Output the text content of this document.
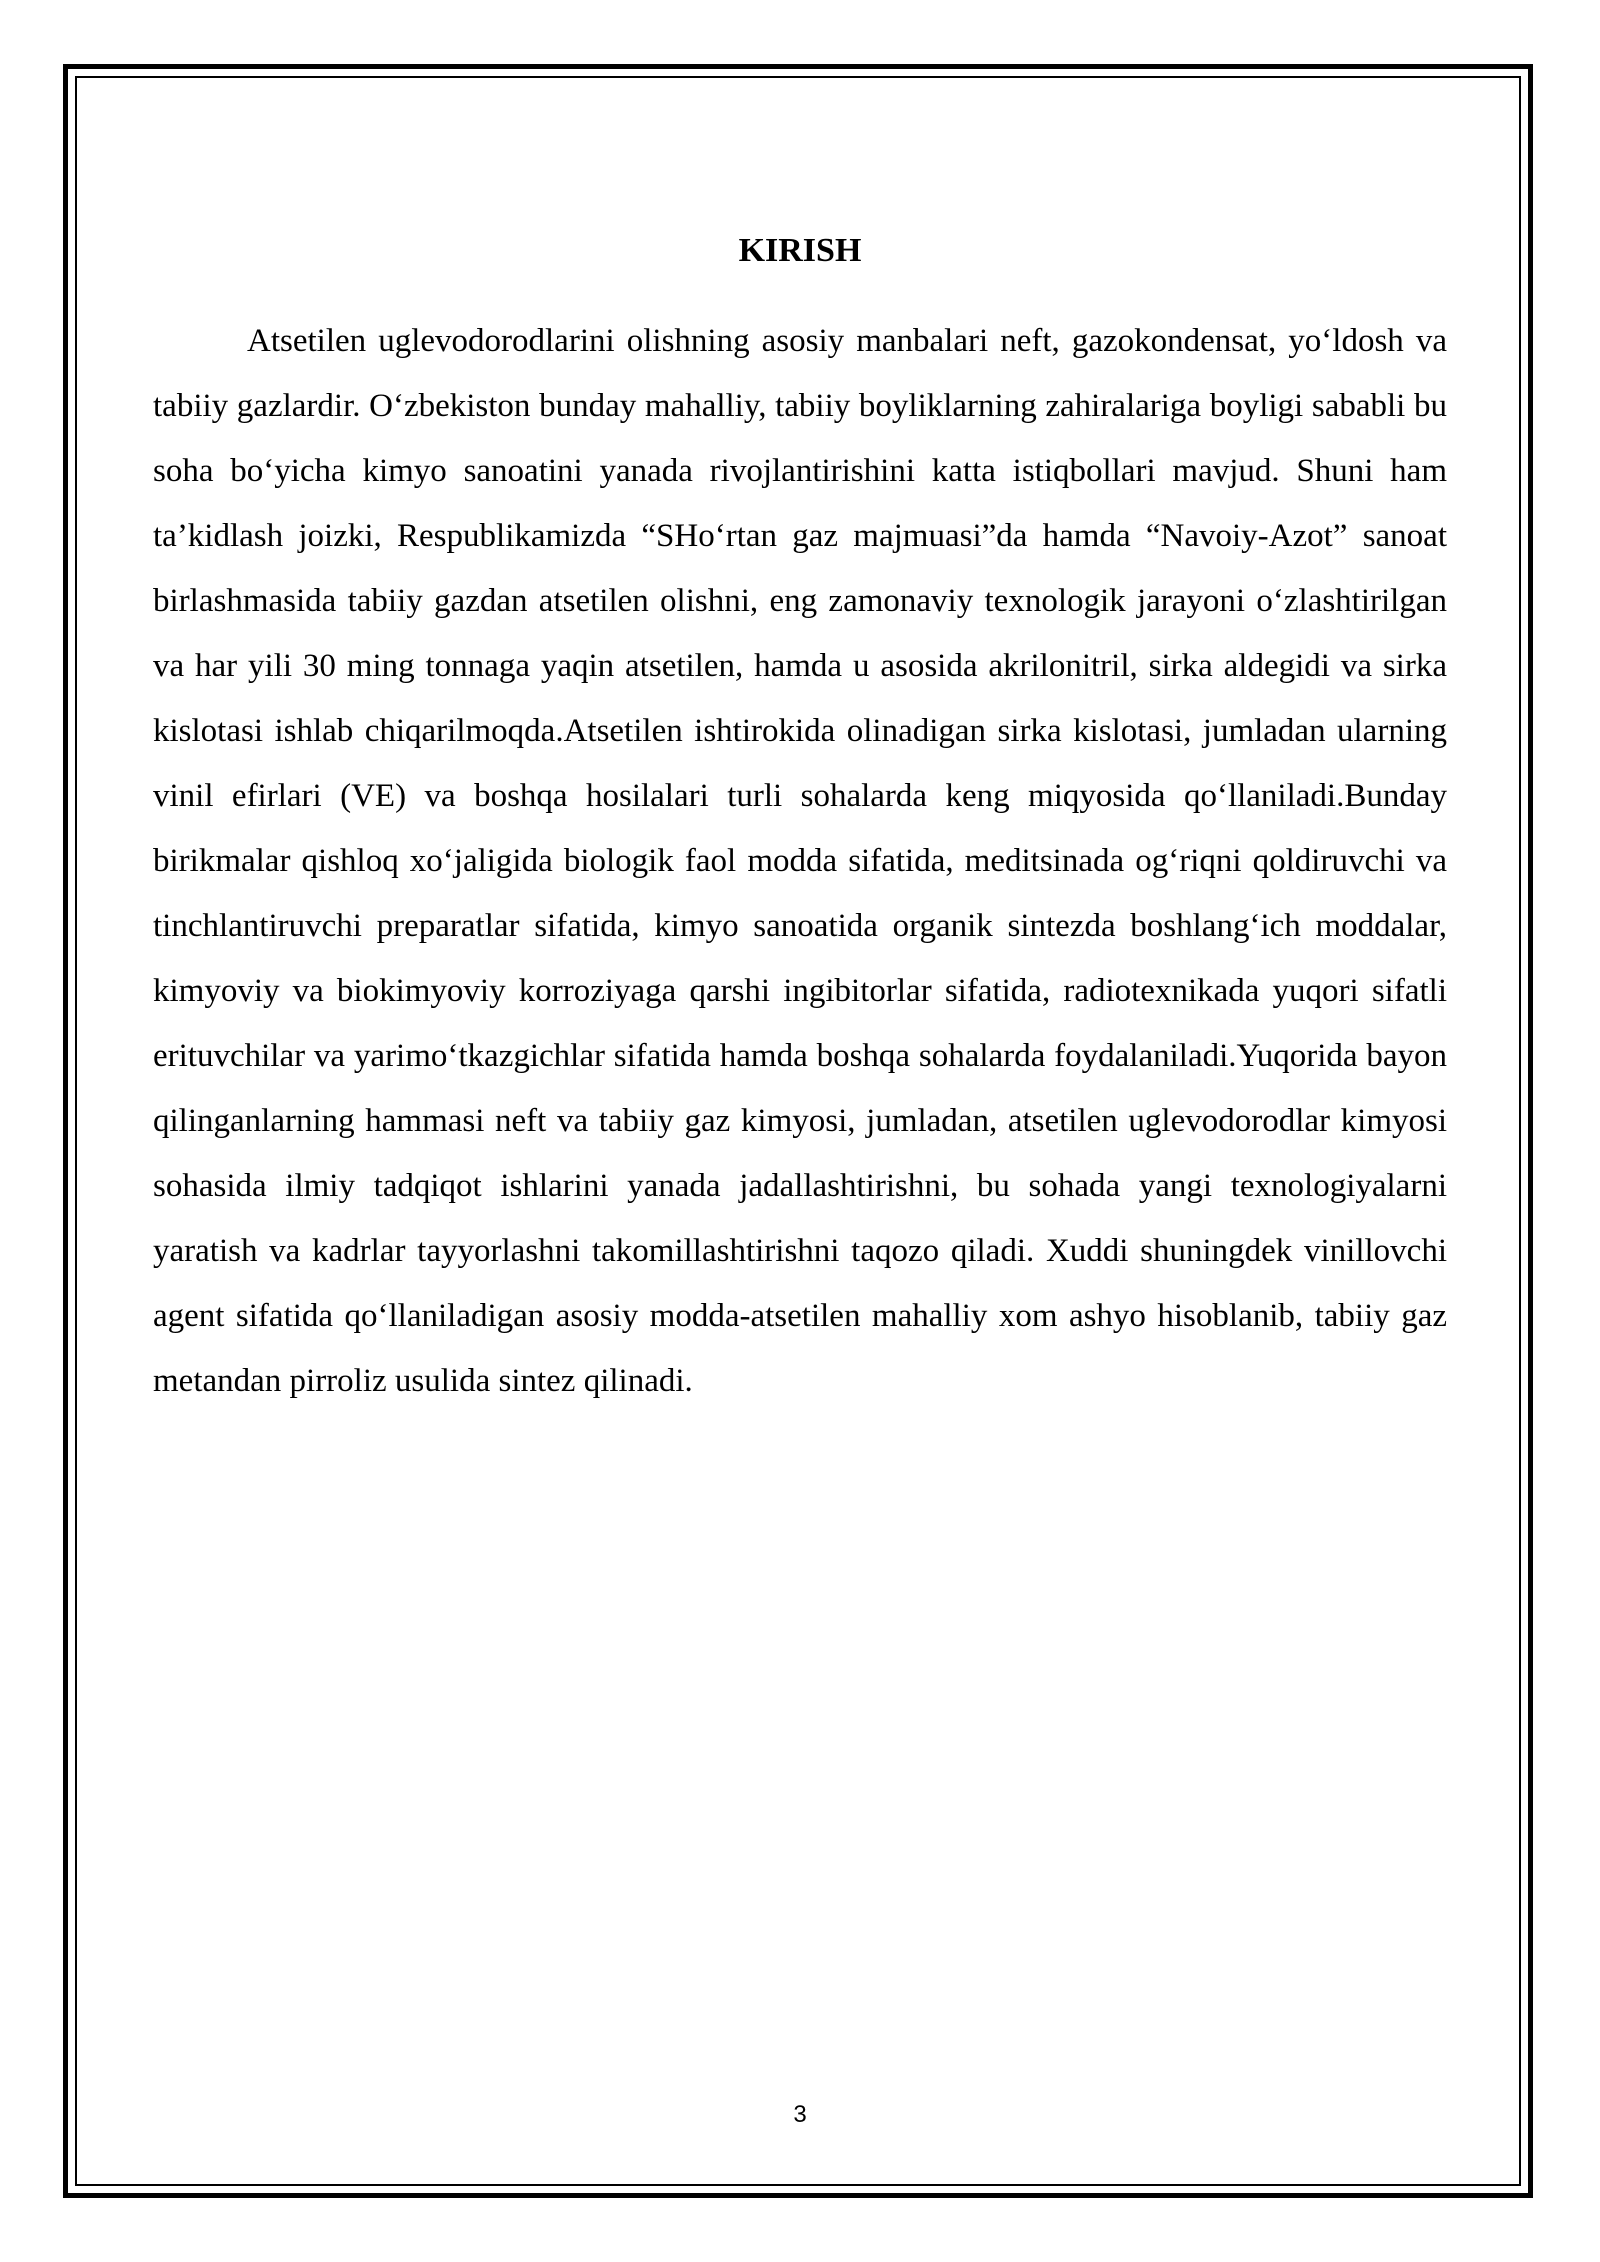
KIRISH

Atsetilen uglevodorodlarini olishning asosiy manbalari neft, gazokondensat, yo‘ldosh va tabiiy gazlardir. O‘zbekiston bunday mahalliy, tabiiy boyliklarning zahiralariga boyligi sababli bu soha bo‘yicha kimyo sanoatini yanada rivojlantirishini katta istiqbollari mavjud. Shuni ham ta’kidlash joizki, Respublikamizda “SHo‘rtan gaz majmuasi”da hamda “Navoiy-Azot” sanoat birlashmasida tabiiy gazdan atsetilen olishni, eng zamonaviy texnologik jarayoni o‘zlashtirilgan va har yili 30 ming tonnaga yaqin atsetilen, hamda u asosida akrilonitril, sirka aldegidi va sirka kislotasi ishlab chiqarilmoqda.Atsetilen ishtirokida olinadigan sirka kislotasi, jumladan ularning vinil efirlari (VE) va boshqa hosilalari turli sohalarda keng miqyosida qo‘llaniladi.Bunday birikmalar qishloq xo‘jaligida biologik faol modda sifatida, meditsinada og‘riqni qoldiruvchi va tinchlantiruvchi preparatlar sifatida, kimyo sanoatida organik sintezda boshlang‘ich moddalar, kimyoviy va biokimyoviy korroziyaga qarshi ingibitorlar sifatida, radiotexnikada yuqori sifatli erituvchilar va yarimo‘tkazgichlar sifatida hamda boshqa sohalarda foydalaniladi.Yuqorida bayon qilinganlarning hammasi neft va tabiiy gaz kimyosi, jumladan, atsetilen uglevodorodlar kimyosi sohasida ilmiy tadqiqot ishlarini yanada jadallashtirishni, bu sohada yangi texnologiyalarni yaratish va kadrlar tayyorlashni takomillashtirishni taqozo qiladi. Xuddi shuningdek vinillovchi agent sifatida qo‘llaniladigan asosiy modda-atsetilen mahalliy xom ashyo hisoblanib, tabiiy gaz metandan pirroliz usulida sintez qilinadi.

3
